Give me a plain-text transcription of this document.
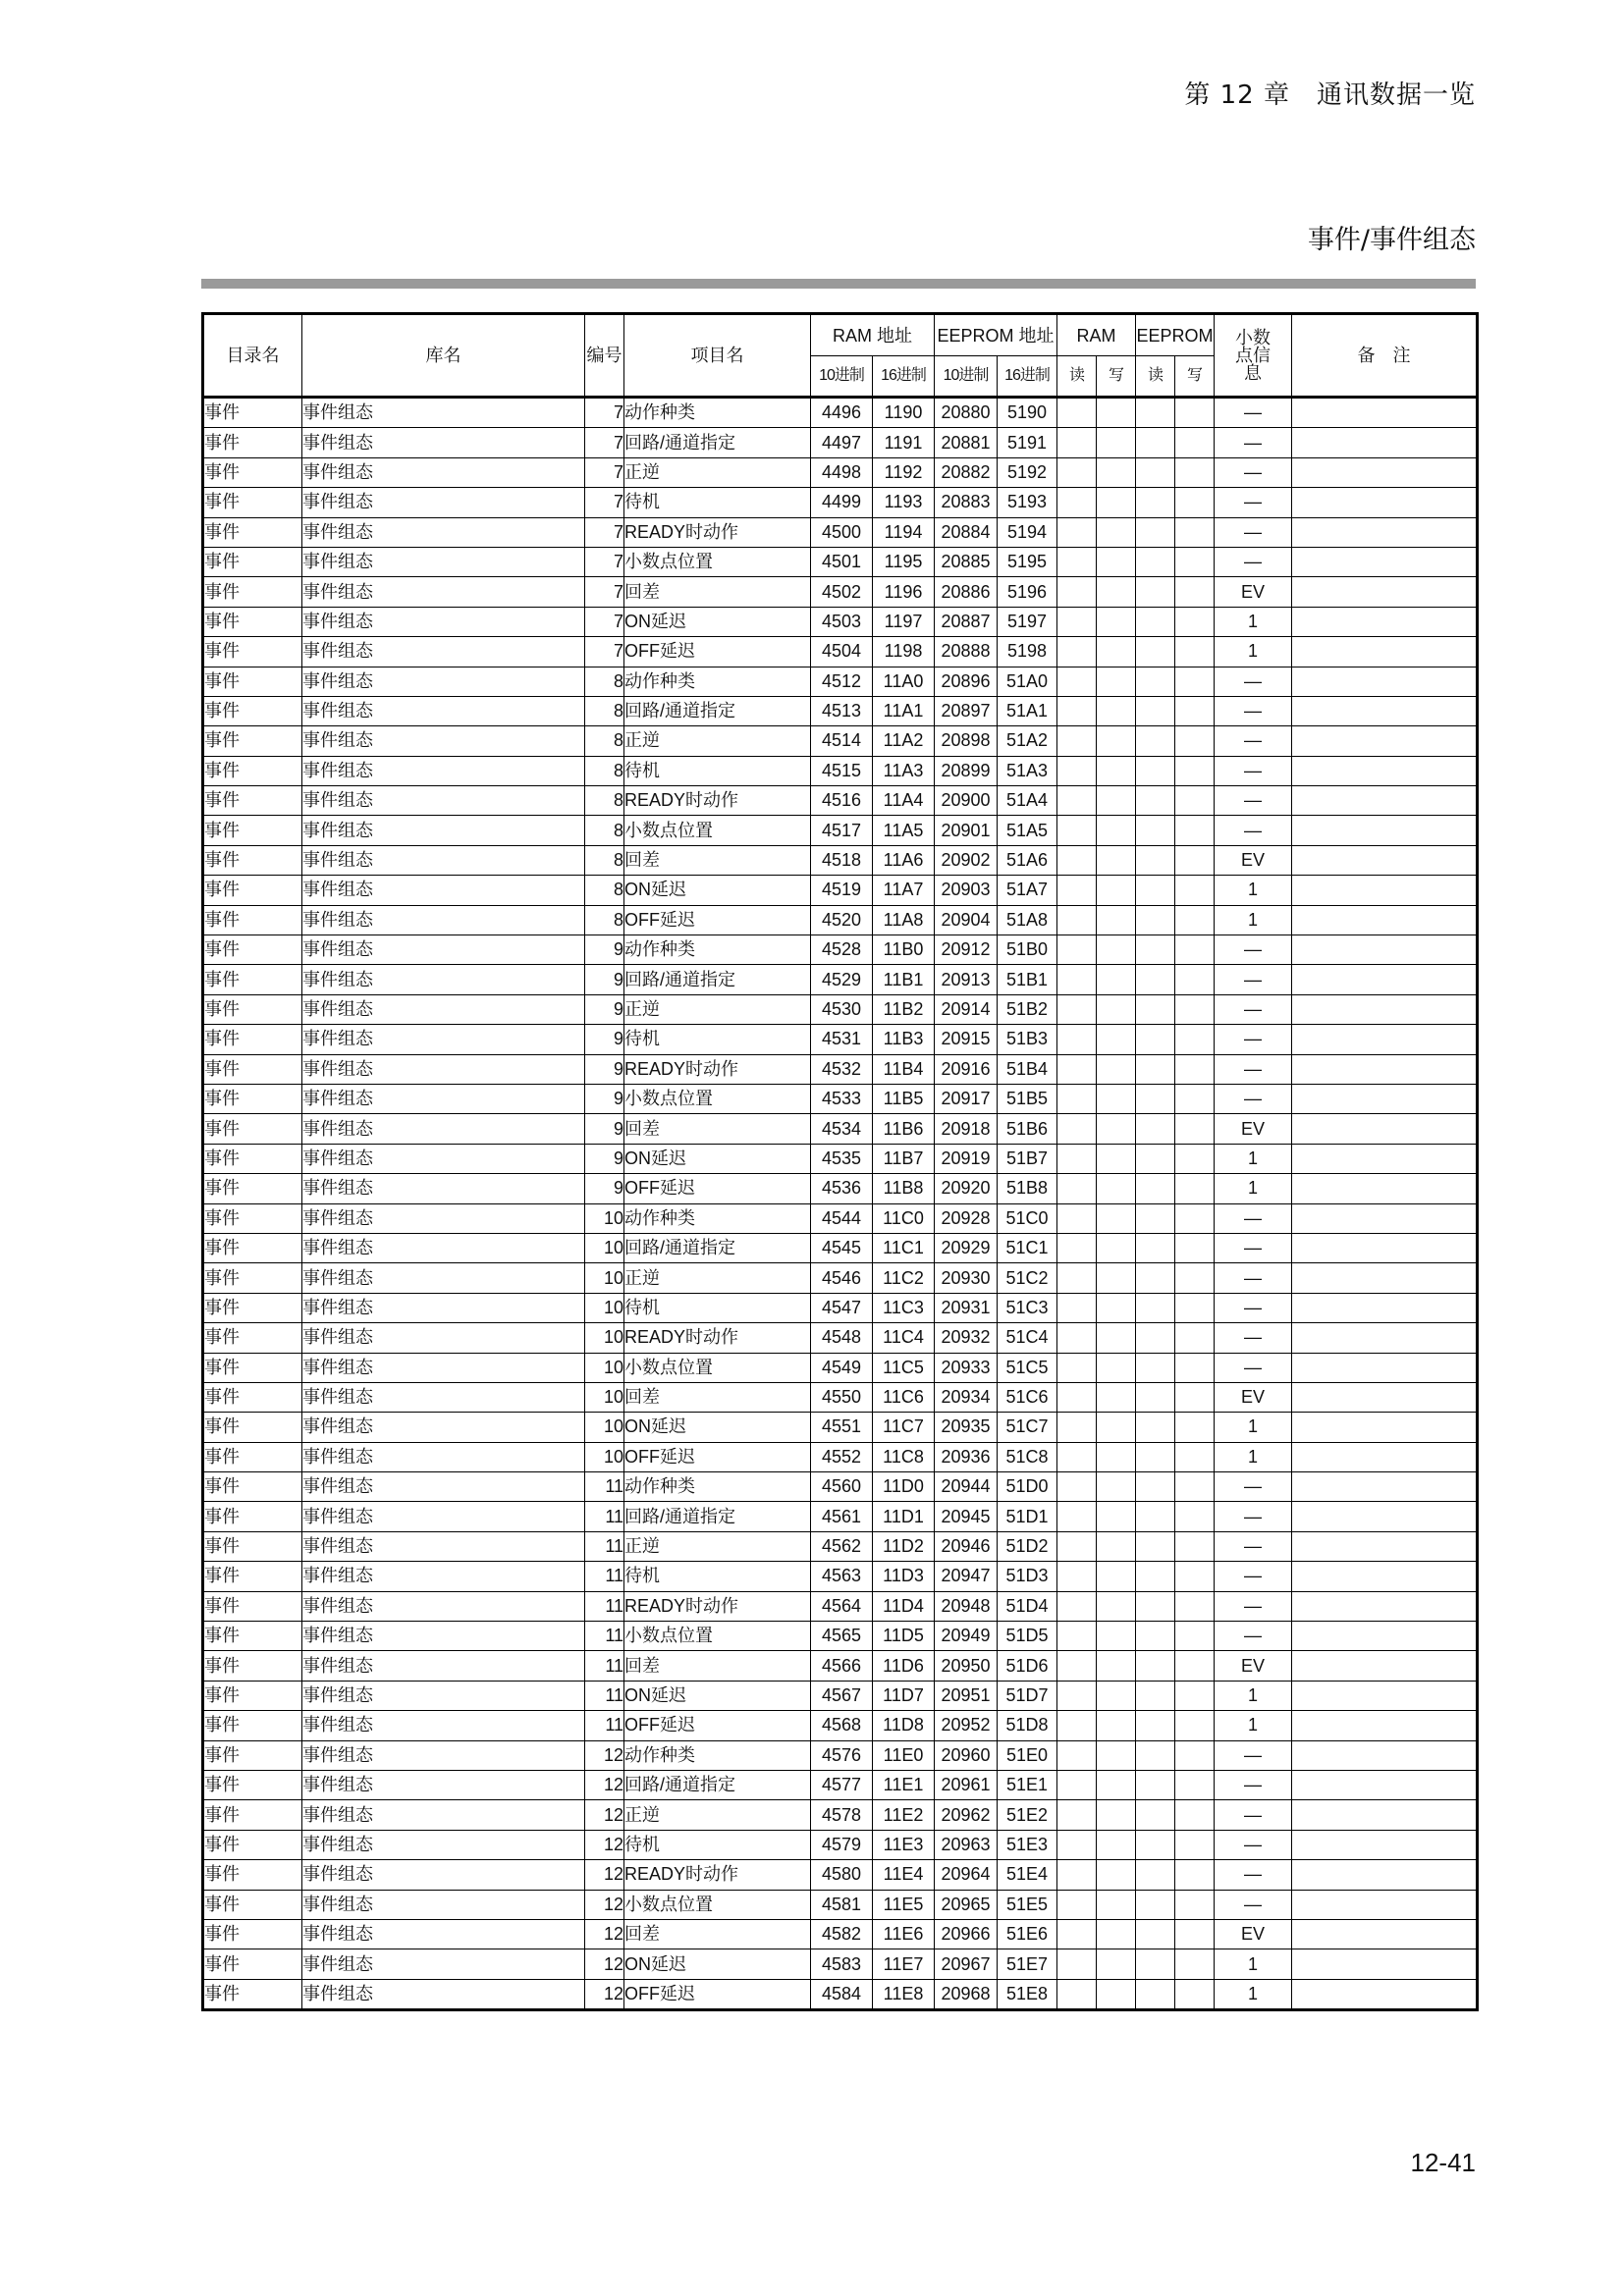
第 12 章　通讯数据一览
事件/事件组态
目录名	库名	编号	项目名	RAM 地址		EEPROM 地址		RAM		EEPROM		小数点信息	备　注
				10进制	16进制	10进制	16进制	读	写	读	写		
事件	事件组态	7	动作种类	4496	1190	20880	5190					—	
事件	事件组态	7	回路/通道指定	4497	1191	20881	5191					—	
事件	事件组态	7	正逆	4498	1192	20882	5192					—	
事件	事件组态	7	待机	4499	1193	20883	5193					—	
事件	事件组态	7	READY时动作	4500	1194	20884	5194					—	
事件	事件组态	7	小数点位置	4501	1195	20885	5195					—	
事件	事件组态	7	回差	4502	1196	20886	5196					EV	
事件	事件组态	7	ON延迟	4503	1197	20887	5197					1	
事件	事件组态	7	OFF延迟	4504	1198	20888	5198					1	
事件	事件组态	8	动作种类	4512	11A0	20896	51A0					—	
事件	事件组态	8	回路/通道指定	4513	11A1	20897	51A1					—	
事件	事件组态	8	正逆	4514	11A2	20898	51A2					—	
事件	事件组态	8	待机	4515	11A3	20899	51A3					—	
事件	事件组态	8	READY时动作	4516	11A4	20900	51A4					—	
事件	事件组态	8	小数点位置	4517	11A5	20901	51A5					—	
事件	事件组态	8	回差	4518	11A6	20902	51A6					EV	
事件	事件组态	8	ON延迟	4519	11A7	20903	51A7					1	
事件	事件组态	8	OFF延迟	4520	11A8	20904	51A8					1	
事件	事件组态	9	动作种类	4528	11B0	20912	51B0					—	
事件	事件组态	9	回路/通道指定	4529	11B1	20913	51B1					—	
事件	事件组态	9	正逆	4530	11B2	20914	51B2					—	
事件	事件组态	9	待机	4531	11B3	20915	51B3					—	
事件	事件组态	9	READY时动作	4532	11B4	20916	51B4					—	
事件	事件组态	9	小数点位置	4533	11B5	20917	51B5					—	
事件	事件组态	9	回差	4534	11B6	20918	51B6					EV	
事件	事件组态	9	ON延迟	4535	11B7	20919	51B7					1	
事件	事件组态	9	OFF延迟	4536	11B8	20920	51B8					1	
事件	事件组态	10	动作种类	4544	11C0	20928	51C0					—	
事件	事件组态	10	回路/通道指定	4545	11C1	20929	51C1					—	
事件	事件组态	10	正逆	4546	11C2	20930	51C2					—	
事件	事件组态	10	待机	4547	11C3	20931	51C3					—	
事件	事件组态	10	READY时动作	4548	11C4	20932	51C4					—	
事件	事件组态	10	小数点位置	4549	11C5	20933	51C5					—	
事件	事件组态	10	回差	4550	11C6	20934	51C6					EV	
事件	事件组态	10	ON延迟	4551	11C7	20935	51C7					1	
事件	事件组态	10	OFF延迟	4552	11C8	20936	51C8					1	
事件	事件组态	11	动作种类	4560	11D0	20944	51D0					—	
事件	事件组态	11	回路/通道指定	4561	11D1	20945	51D1					—	
事件	事件组态	11	正逆	4562	11D2	20946	51D2					—	
事件	事件组态	11	待机	4563	11D3	20947	51D3					—	
事件	事件组态	11	READY时动作	4564	11D4	20948	51D4					—	
事件	事件组态	11	小数点位置	4565	11D5	20949	51D5					—	
事件	事件组态	11	回差	4566	11D6	20950	51D6					EV	
事件	事件组态	11	ON延迟	4567	11D7	20951	51D7					1	
事件	事件组态	11	OFF延迟	4568	11D8	20952	51D8					1	
事件	事件组态	12	动作种类	4576	11E0	20960	51E0					—	
事件	事件组态	12	回路/通道指定	4577	11E1	20961	51E1					—	
事件	事件组态	12	正逆	4578	11E2	20962	51E2					—	
事件	事件组态	12	待机	4579	11E3	20963	51E3					—	
事件	事件组态	12	READY时动作	4580	11E4	20964	51E4					—	
事件	事件组态	12	小数点位置	4581	11E5	20965	51E5					—	
事件	事件组态	12	回差	4582	11E6	20966	51E6					EV	
事件	事件组态	12	ON延迟	4583	11E7	20967	51E7					1	
事件	事件组态	12	OFF延迟	4584	11E8	20968	51E8					1	
12-41
